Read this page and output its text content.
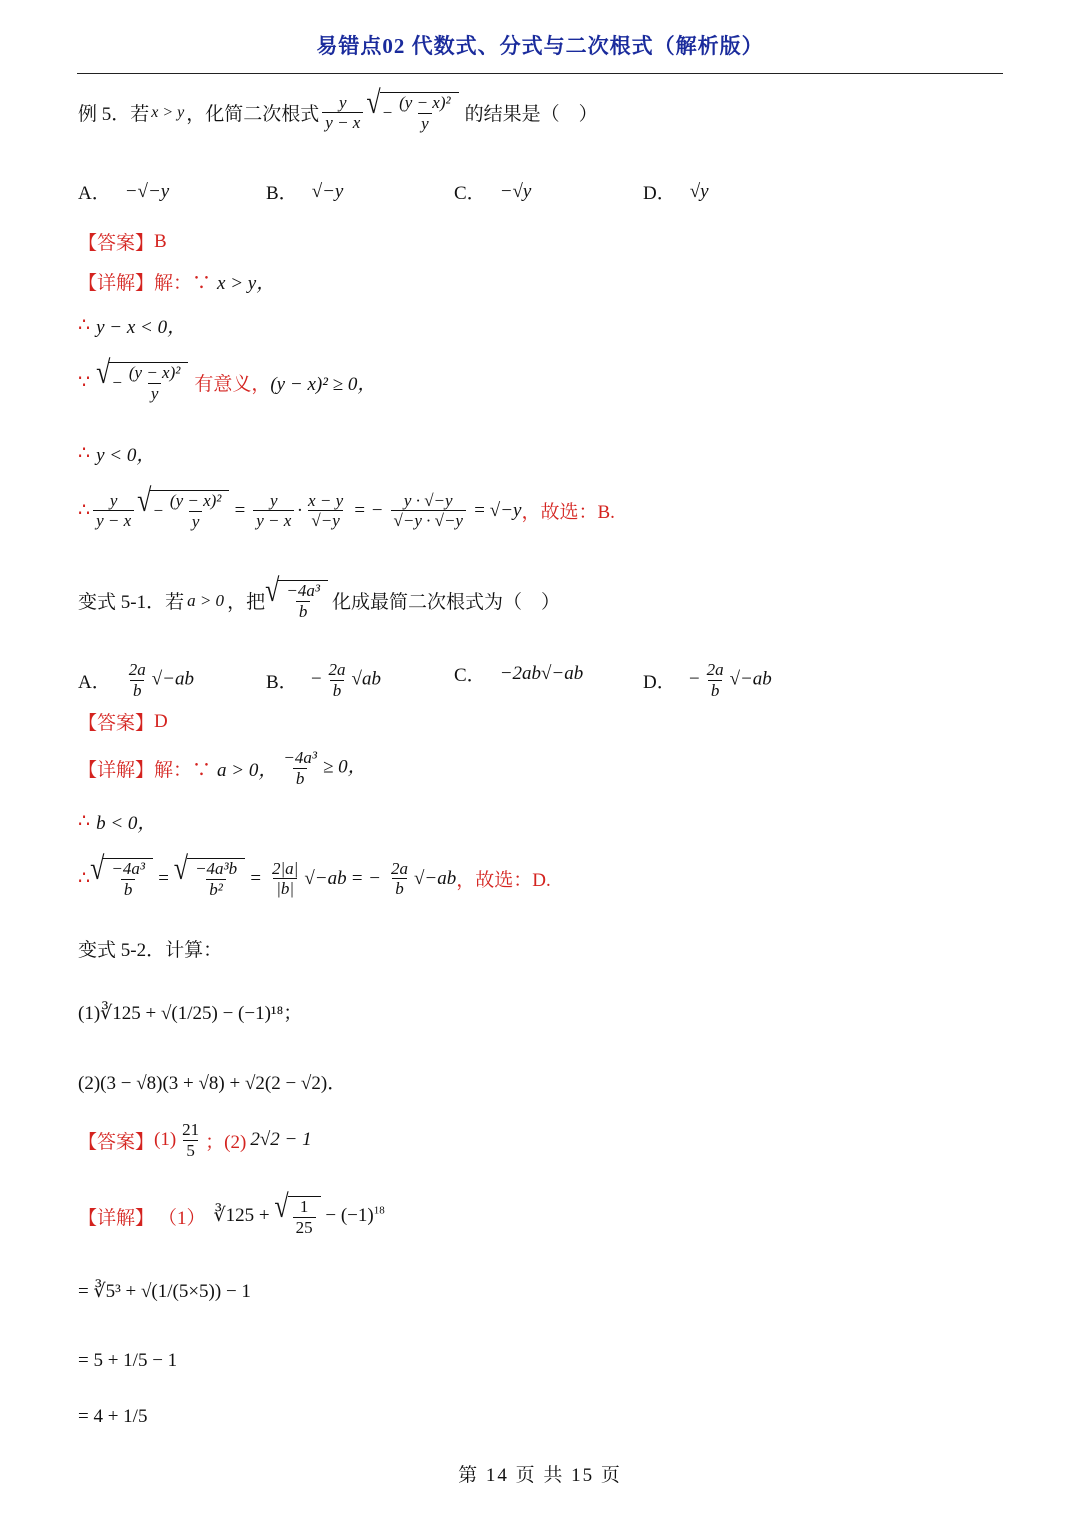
易错点02 代数式、分式与二次根式（解析版）
例 5．若 x > y ，化简二次根式 $\frac{y}{y - x}$ √ − $\frac{\text{(y − x)²}}{y}$ 的结果是（　）
A． −√−y	B． √−y	C． −√y	D． √y
【答案】 B
【详解】 解：∵ x > y，
∴ y − x < 0，
∵ √ − $\frac{\text{(y − x)²}}{y}$ 有意义， (y − x)² ≥ 0，
∴ y < 0，
∴ $\frac{y}{y - x}$ √ − $\frac{\text{(y − x)²}}{y} = \frac{y}{y - x} \cdot \frac{x - y}{√-y}$ = − $\frac{y \cdot √-y}{√-y \cdot √-y} = √-y$ ，故选：B.
变式 5-1．若 a > 0 ，把 √ $\frac{\text{−4a³}}{b}$ 化成最简二次根式为（　）
A． $\frac{2a}{b} √-ab$	B． − $\frac{2a}{b} √ab$	C． −2ab√−ab	D． − $\frac{2a}{b} √-ab$
【答案】 D
【详解】 解：∵ a > 0， $\frac{\text{−4a³}}{b} \ge 0$，
∴ b < 0，
∴ √ $\frac{\text{−4a³}}{b}$ = √ $\frac{\text{−4a³b}}{\text{b²}} = \frac{2|a|}{|b|} √-ab$ = − $\frac{2a}{b} √-ab$ ，故选：D.
变式 5-2．计算：
(1)∛125 + √(1/25) − (−1)¹⁸；
(2)(3 − √8)(3 + √8) + √2(2 − √2)．
【答案】 $(1) \frac{21}{5}$ ；(2) 2√2 − 1
【详解】 （1） ∛125 + √ $\frac{1}{25} - (-1)^{18}$
= ∛5³ + √(1/(5×5)) − 1
= 5 + 1/5 − 1
= 4 + 1/5
第 14 页 共 15 页
